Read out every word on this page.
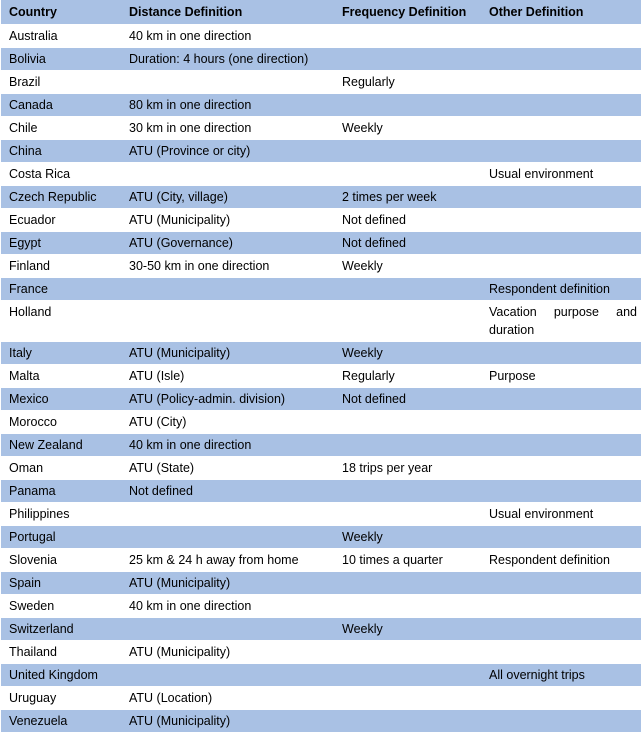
Country	Distance Definition	Frequency Definition	Other Definition
Australia	40 km in one direction		
Bolivia	Duration: 4 hours (one direction)		
Brazil		Regularly	
Canada	80 km in one direction		
Chile	30 km in one direction	Weekly	
China	ATU (Province or city)		
Costa Rica			Usual environment
Czech Republic	ATU (City, village)	2 times per week	
Ecuador	ATU (Municipality)	Not defined	
Egypt	ATU (Governance)	Not defined	
Finland	30-50 km in one direction	Weekly	
France			Respondent definition
Holland			Vacation purpose and duration
Italy	ATU (Municipality)	Weekly	
Malta	ATU (Isle)	Regularly	Purpose
Mexico	ATU (Policy-admin. division)	Not defined	
Morocco	ATU (City)		
New Zealand	40 km in one direction		
Oman	ATU (State)	18 trips per year	
Panama	Not defined		
Philippines			Usual environment
Portugal		Weekly	
Slovenia	25 km & 24 h away from home	10 times a quarter	Respondent definition
Spain	ATU (Municipality)		
Sweden	40 km in one direction		
Switzerland		Weekly	
Thailand	ATU (Municipality)		
United Kingdom			All overnight trips
Uruguay	ATU (Location)		
Venezuela	ATU (Municipality)		
